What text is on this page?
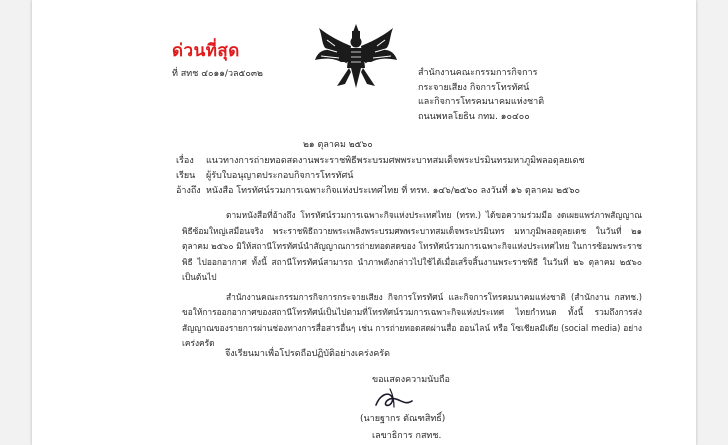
ด่วนที่สุด
ที่ สทช ๔๐๑๑/วล๕๐๓๒	สำนักงานคณะกรรมการกิจการ
กระจายเสียง กิจการโทรทัศน์
และกิจการโทรคมนาคมแห่งชาติ
ถนนพหลโยธิน กทม. ๑๐๔๐๐
๒๑ ตุลาคม ๒๕๖๐
เรื่อง	แนวทางการถ่ายทอดสดงานพระราชพิธีพระบรมศพพระบาทสมเด็จพระปรมินทรมหาภูมิพลอดุลยเดช
เรียน	ผู้รับใบอนุญาตประกอบกิจการโทรทัศน์
อ้างถึง หนังสือ โทรทัศน์รวมการเฉพาะกิจแห่งประเทศไทย ที่ ทรท. ๑๔๖/๒๕๖๐ ลงวันที่ ๑๖ ตุลาคม ๒๕๖๐

ตามหนังสือที่อ้างถึง โทรทัศน์รวมการเฉพาะกิจแห่งประเทศไทย (ทรท.) ได้ขอความร่วมมือ งดเผยแพร่ภาพสัญญาณพิธีซ้อมใหญ่เสมือนจริง พระราชพิธีถวายพระเพลิงพระบรมศพพระบาทสมเด็จพระปรมินทร มหาภูมิพลอดุลยเดช ในวันที่ ๒๑ ตุลาคม ๒๕๖๐ มิให้สถานีโทรทัศน์นำสัญญาณการถ่ายทอดสดของ โทรทัศน์รวมการเฉพาะกิจแห่งประเทศไทย ในการซ้อมพระราชพิธี ไปออกอากาศ ทั้งนี้ สถานีโทรทัศน์สามารถ นำภาพดังกล่าวไปใช้ได้เมื่อเสร็จสิ้นงานพระราชพิธี ในวันที่ ๒๖ ตุลาคม ๒๕๖๐ เป็นต้นไป

สำนักงานคณะกรรมการกิจการกระจายเสียง กิจการโทรทัศน์ และกิจการโทรคมนาคมแห่งชาติ (สำนักงาน กสทช.) ขอให้การออกอากาศของสถานีโทรทัศน์เป็นไปตามที่โทรทัศน์รวมการเฉพาะกิจแห่งประเทศ ไทยกำหนด ทั้งนี้ รวมถึงการส่งสัญญาณของรายการผ่านช่องทางการสื่อสารอื่นๆ เช่น การถ่ายทอดสดผ่านสื่อ ออนไลน์ หรือ โซเชียลมีเดีย (social media) อย่างเคร่งครัด

จึงเรียนมาเพื่อโปรดถือปฏิบัติอย่างเคร่งครัด
ขอแสดงความนับถือ
(นายฐากร ตัณฑสิทธิ์)
เลขาธิการ กสทช.
